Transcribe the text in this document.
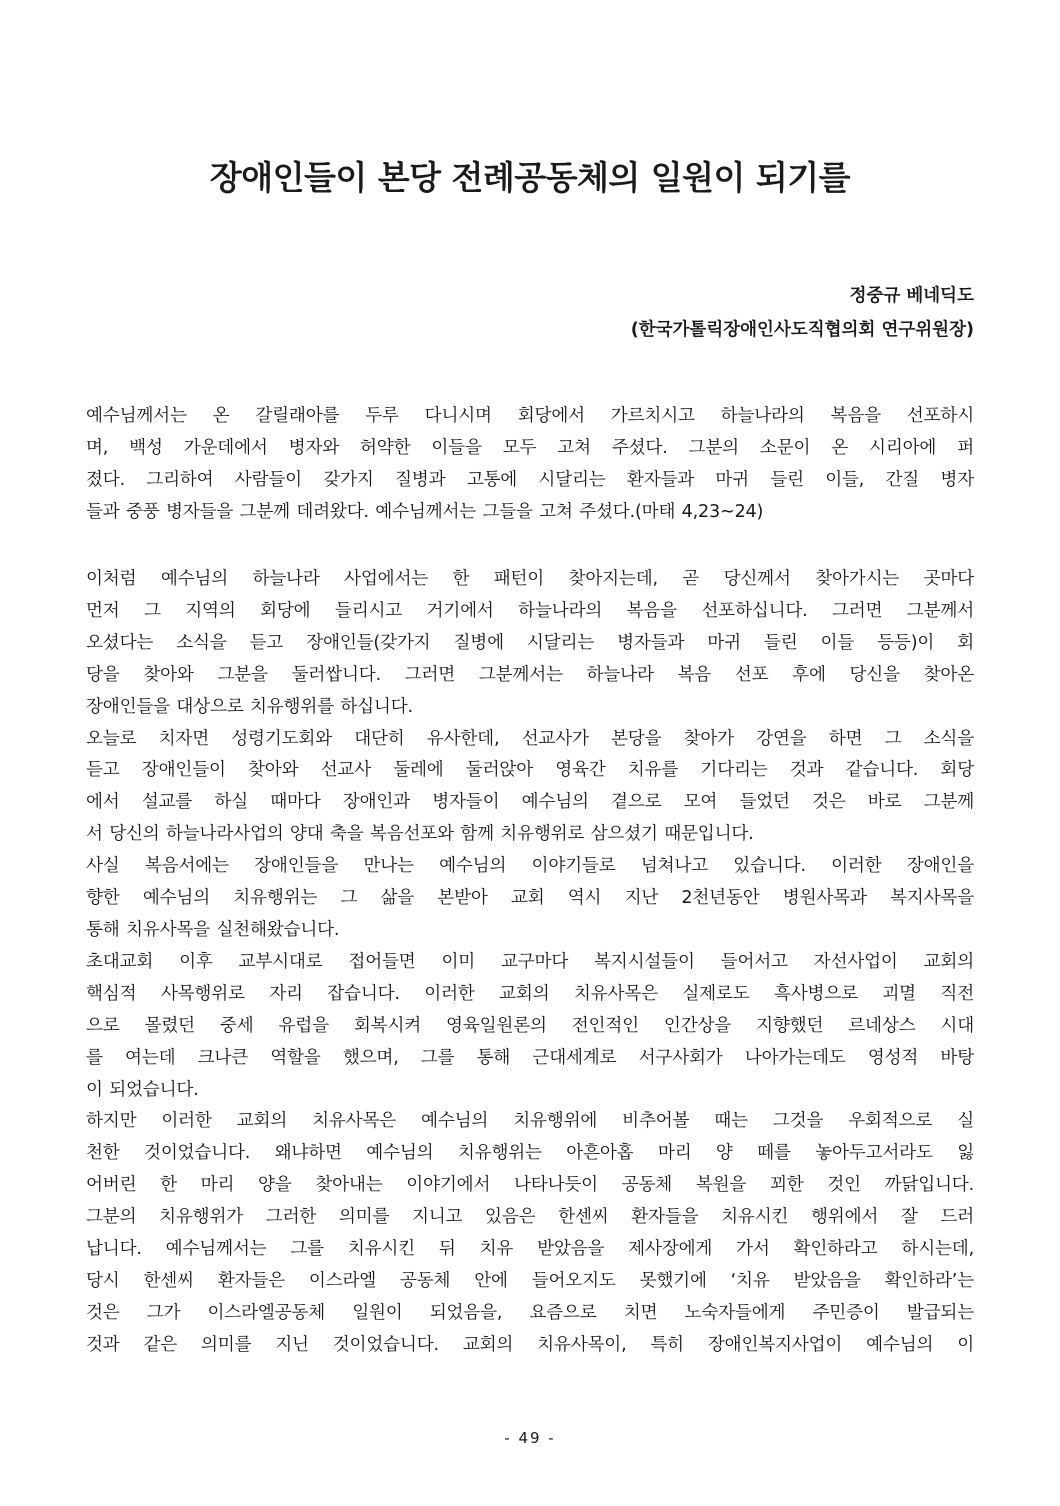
장애인들이 본당 전례공동체의 일원이 되기를
정중규 베네딕도
(한국가톨릭장애인사도직협의회 연구위원장)
예수님께서는 온 갈릴래아를 두루 다니시며 회당에서 가르치시고 하늘나라의 복음을 선포하시
며, 백성 가운데에서 병자와 허약한 이들을 모두 고쳐 주셨다. 그분의 소문이 온 시리아에 퍼
졌다. 그리하여 사람들이 갖가지 질병과 고통에 시달리는 환자들과 마귀 들린 이들, 간질 병자
들과 중풍 병자들을 그분께 데려왔다. 예수님께서는 그들을 고쳐 주셨다.(마태 4,23~24)
이처럼 예수님의 하늘나라 사업에서는 한 패턴이 찾아지는데, 곧 당신께서 찾아가시는 곳마다
먼저 그 지역의 회당에 들리시고 거기에서 하늘나라의 복음을 선포하십니다. 그러면 그분께서
오셨다는 소식을 듣고 장애인들(갖가지 질병에 시달리는 병자들과 마귀 들린 이들 등등)이 회
당을 찾아와 그분을 둘러쌉니다. 그러면 그분께서는 하늘나라 복음 선포 후에 당신을 찾아온
장애인들을 대상으로 치유행위를 하십니다.
오늘로 치자면 성령기도회와 대단히 유사한데, 선교사가 본당을 찾아가 강연을 하면 그 소식을
듣고 장애인들이 찾아와 선교사 둘레에 둘러앉아 영육간 치유를 기다리는 것과 같습니다. 회당
에서 설교를 하실 때마다 장애인과 병자들이 예수님의 곁으로 모여 들었던 것은 바로 그분께
서 당신의 하늘나라사업의 양대 축을 복음선포와 함께 치유행위로 삼으셨기 때문입니다.
사실 복음서에는 장애인들을 만나는 예수님의 이야기들로 넘쳐나고 있습니다. 이러한 장애인을
향한 예수님의 치유행위는 그 삶을 본받아 교회 역시 지난 2천년동안 병원사목과 복지사목을
통해 치유사목을 실천해왔습니다.
초대교회 이후 교부시대로 접어들면 이미 교구마다 복지시설들이 들어서고 자선사업이 교회의
핵심적 사목행위로 자리 잡습니다. 이러한 교회의 치유사목은 실제로도 흑사병으로 괴멸 직전
으로 몰렸던 중세 유럽을 회복시켜 영육일원론의 전인적인 인간상을 지향했던 르네상스 시대
를 여는데 크나큰 역할을 했으며, 그를 통해 근대세계로 서구사회가 나아가는데도 영성적 바탕
이 되었습니다.
하지만 이러한 교회의 치유사목은 예수님의 치유행위에 비추어볼 때는 그것을 우회적으로 실
천한 것이었습니다. 왜냐하면 예수님의 치유행위는 아흔아홉 마리 양 떼를 놓아두고서라도 잃
어버린 한 마리 양을 찾아내는 이야기에서 나타나듯이 공동체 복원을 꾀한 것인 까닭입니다.
그분의 치유행위가 그러한 의미를 지니고 있음은 한센씨 환자들을 치유시킨 행위에서 잘 드러
납니다. 예수님께서는 그를 치유시킨 뒤 치유 받았음을 제사장에게 가서 확인하라고 하시는데,
당시 한센씨 환자들은 이스라엘 공동체 안에 들어오지도 못했기에 ‘치유 받았음을 확인하라’는
것은 그가 이스라엘공동체 일원이 되었음을, 요즘으로 치면 노숙자들에게 주민증이 발급되는
것과 같은 의미를 지닌 것이었습니다. 교회의 치유사목이, 특히 장애인복지사업이 예수님의 이
- 49 -
